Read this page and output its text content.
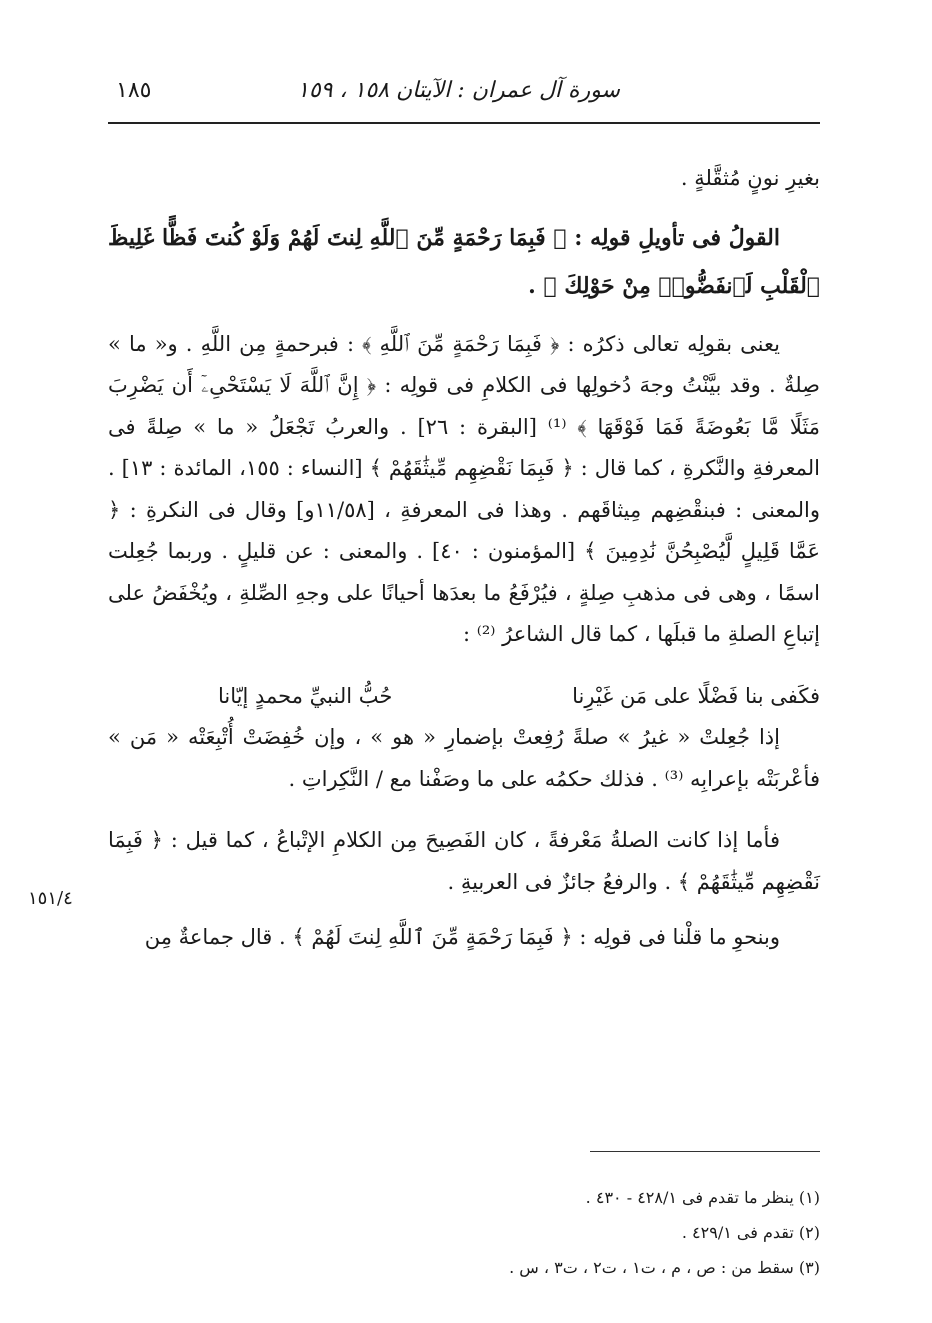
١٨٥	سورة آل عمران : الآيتان ١٥٨ ، ١٥٩
١٥١/٤

بغيرِ نونٍ مُثقَّلةٍ .

القولُ فى تأويلِ قولِه : ﴿ فَبِمَا رَحْمَةٍ مِّنَ ٱللَّهِ لِنتَ لَهُمْ وَلَوْ كُنتَ فَظًّا غَلِيظَ ٱلْقَلْبِ لَٱنفَضُّوا۟ مِنْ حَوْلِكَ ﴾ .

يعنى بقولِه تعالى ذكرُه : ﴿ فَبِمَا رَحْمَةٍ مِّنَ ٱللَّهِ ﴾ : فبرحمةٍ مِن اللَّهِ . و« ما » صِلةٌ . وقد بيَّنْتُ وجهَ دُخولِها فى الكلامِ فى قولِه : ﴿ إِنَّ ٱللَّهَ لَا يَسْتَحْىِۦٓ أَن يَضْرِبَ مَثَلًا مَّا بَعُوضَةً فَمَا فَوْقَهَا ﴾ ⁽¹⁾ [البقرة : ٢٦] . والعربُ تَجْعَلُ « ما » صِلةً فى المعرفةِ والنَّكرةِ ، كما قال : ﴿ فَبِمَا نَقْضِهِم مِّيثَٰقَهُمْ ﴾ [النساء : ١٥٥، المائدة : ١٣] . والمعنى : فبنقْضِهم مِيثاقَهم . وهذا فى المعرفةِ ، [١١/٥٨و] وقال فى النكرةِ : ﴿ عَمَّا قَلِيلٍ لَّيُصْبِحُنَّ نَٰدِمِينَ ﴾ [المؤمنون : ٤٠] . والمعنى : عن قليلٍ . وربما جُعِلت اسمًا ، وهى فى مذهبِ صِلةٍ ، فيُرْفَعُ ما بعدَها أحيانًا على وجهِ الصِّلةِ ، ويُخْفَضُ على إتباعِ الصلةِ ما قبلَها ، كما قال الشاعرُ ⁽²⁾ :

فكَفى بنا فَضْلًا على مَن غَيْرِنا
حُبُّ النبيِّ محمدٍ إيّانا

إذا جُعِلتْ « غيرُ » صلةً رُفِعتْ بإضمارِ « هو » ، وإن خُفِضَتْ أُتْبِعَتْه « مَن » فأعْربَتْه بإعرابِه ⁽³⁾ . فذلك حكمُه على ما وصَفْنا مع / النَّكِراتِ .

فأما إذا كانت الصلةُ مَعْرفةً ، كان الفَصِيحَ مِن الكلامِ الإتْباعُ ، كما قيل : ﴿ فَبِمَا نَقْضِهِم مِّيثَٰقَهُمْ ﴾ . والرفعُ جائزٌ فى العربيةِ .

وبنحوِ ما قلْنا فى قولِه : ﴿ فَبِمَا رَحْمَةٍ مِّنَ ٱللَّهِ لِنتَ لَهُمْ ﴾ . قال جماعةٌ مِن

(١) ينظر ما تقدم فى ٤٢٨/١ - ٤٣٠ .

(٢) تقدم فى ٤٢٩/١ .

(٣) سقط من : ص ، م ، ت١ ، ت٢ ، ت٣ ، س .
